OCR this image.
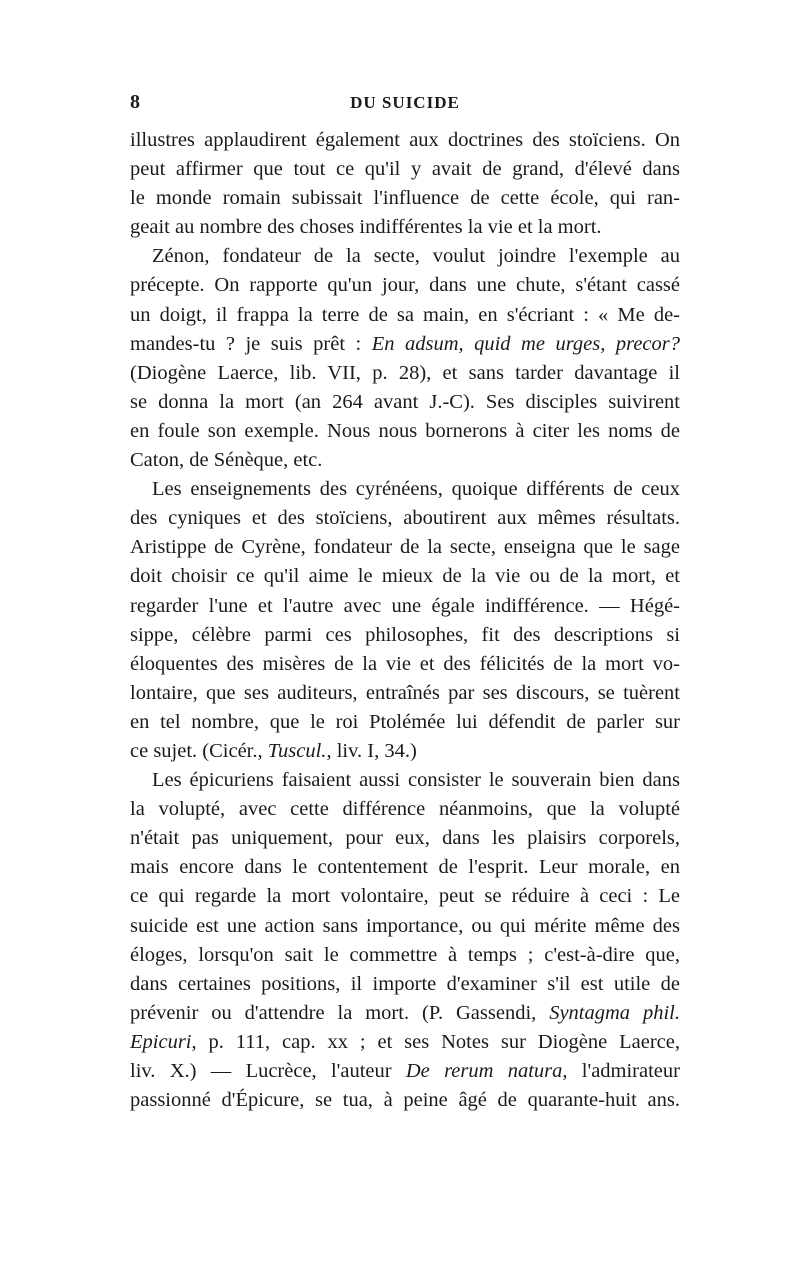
8	DU SUICIDE
illustres applaudirent également aux doctrines des stoïciens. On
peut affirmer que tout ce qu'il y avait de grand, d'élevé dans
le monde romain subissait l'influence de cette école, qui ran-
geait au nombre des choses indifférentes la vie et la mort.
Zénon, fondateur de la secte, voulut joindre l'exemple au
précepte. On rapporte qu'un jour, dans une chute, s'étant cassé
un doigt, il frappa la terre de sa main, en s'écriant : « Me de-
mandes-tu ? je suis prêt : En adsum, quid me urges, precor?
(Diogène Laerce, lib. VII, p. 28), et sans tarder davantage il
se donna la mort (an 264 avant J.-C). Ses disciples suivirent
en foule son exemple. Nous nous bornerons à citer les noms de
Caton, de Sénèque, etc.
Les enseignements des cyrénéens, quoique différents de ceux
des cyniques et des stoïciens, aboutirent aux mêmes résultats.
Aristippe de Cyrène, fondateur de la secte, enseigna que le sage
doit choisir ce qu'il aime le mieux de la vie ou de la mort, et
regarder l'une et l'autre avec une égale indifférence. — Hégé-
sippe, célèbre parmi ces philosophes, fit des descriptions si
éloquentes des misères de la vie et des félicités de la mort vo-
lontaire, que ses auditeurs, entraînés par ses discours, se tuèrent
en tel nombre, que le roi Ptolémée lui défendit de parler sur
ce sujet. (Cicér., Tuscul., liv. I, 34.)
Les épicuriens faisaient aussi consister le souverain bien dans
la volupté, avec cette différence néanmoins, que la volupté
n'était pas uniquement, pour eux, dans les plaisirs corporels,
mais encore dans le contentement de l'esprit. Leur morale, en
ce qui regarde la mort volontaire, peut se réduire à ceci : Le
suicide est une action sans importance, ou qui mérite même des
éloges, lorsqu'on sait le commettre à temps ; c'est-à-dire que,
dans certaines positions, il importe d'examiner s'il est utile de
prévenir ou d'attendre la mort. (P. Gassendi, Syntagma phil.
Epicuri, p. 111, cap. xx ; et ses Notes sur Diogène Laerce,
liv. X.) — Lucrèce, l'auteur De rerum natura, l'admirateur
passionné d'Épicure, se tua, à peine âgé de quarante-huit ans.
